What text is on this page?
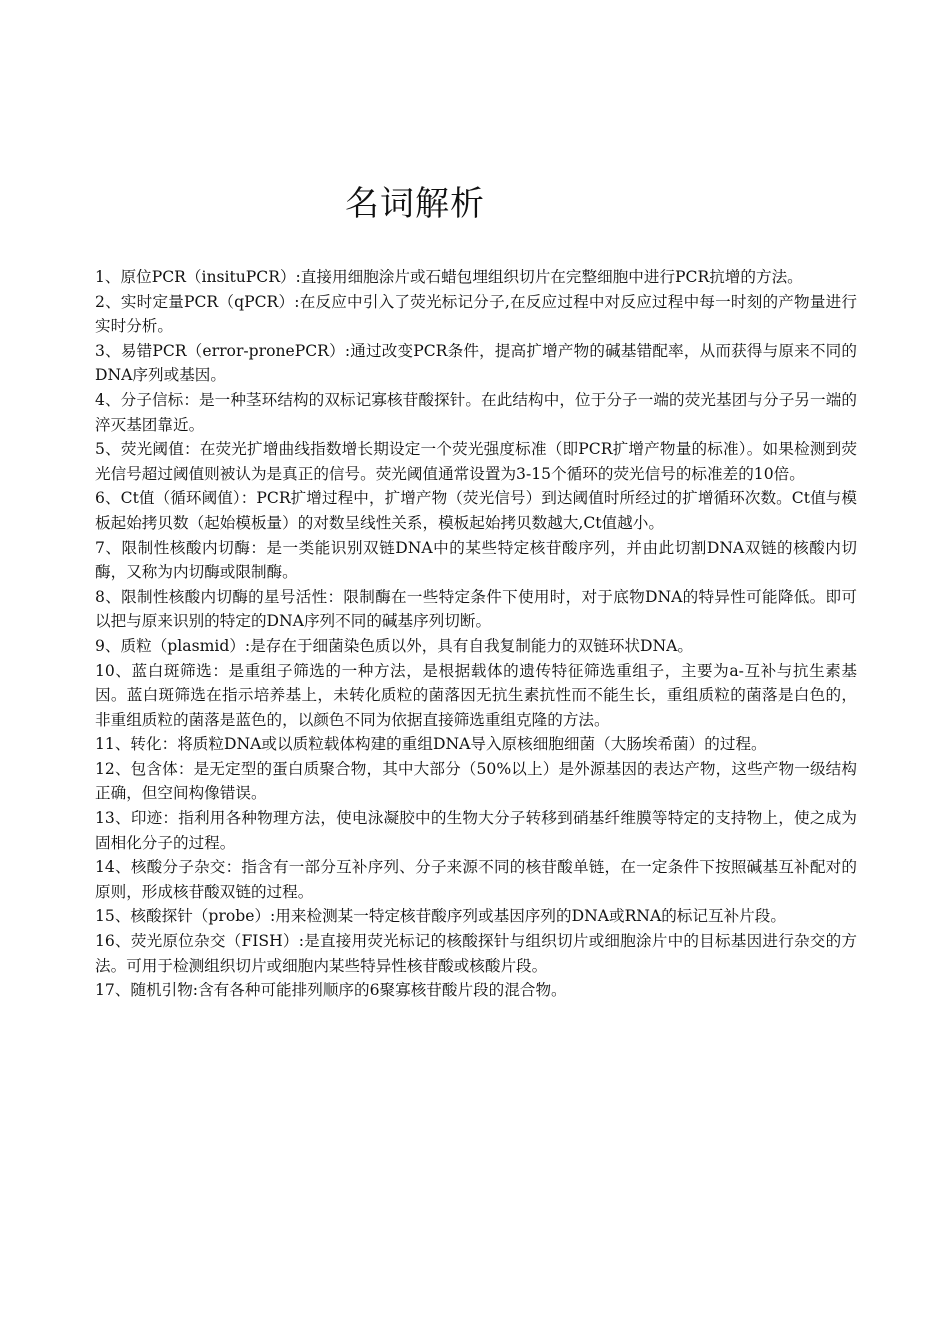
名词解析
1、原位PCR（insituPCR）:直接用细胞涂片或石蜡包埋组织切片在完整细胞中进行PCR抗增的方法。
2、实时定量PCR（qPCR）:在反应中引入了荧光标记分子,在反应过程中对反应过程中每一时刻的产物量进行实时分析。
3、易错PCR（error-pronePCR）:通过改变PCR条件，提高扩增产物的碱基错配率，从而获得与原来不同的DNA序列或基因。
4、分子信标：是一种茎环结构的双标记寡核苷酸探针。在此结构中，位于分子一端的荧光基团与分子另一端的淬灭基团靠近。
5、荧光阈值：在荧光扩增曲线指数增长期设定一个荧光强度标准（即PCR扩增产物量的标准）。如果检测到荧光信号超过阈值则被认为是真正的信号。荧光阈值通常设置为3-15个循环的荧光信号的标准差的10倍。
6、Ct值（循环阈值）：PCR扩增过程中，扩增产物（荧光信号）到达阈值时所经过的扩增循环次数。Ct值与模板起始拷贝数（起始模板量）的对数呈线性关系，模板起始拷贝数越大,Ct值越小。
7、限制性核酸内切酶：是一类能识别双链DNA中的某些特定核苷酸序列，并由此切割DNA双链的核酸内切酶，又称为内切酶或限制酶。
8、限制性核酸内切酶的星号活性：限制酶在一些特定条件下使用时，对于底物DNA的特异性可能降低。即可以把与原来识别的特定的DNA序列不同的碱基序列切断。
9、质粒（plasmid）:是存在于细菌染色质以外，具有自我复制能力的双链环状DNA。
10、蓝白斑筛选：是重组子筛选的一种方法，是根据载体的遗传特征筛选重组子，主要为a-互补与抗生素基因。蓝白斑筛选在指示培养基上，未转化质粒的菌落因无抗生素抗性而不能生长，重组质粒的菌落是白色的，非重组质粒的菌落是蓝色的，以颜色不同为依据直接筛选重组克隆的方法。
11、转化：将质粒DNA或以质粒载体构建的重组DNA导入原核细胞细菌（大肠埃希菌）的过程。
12、包含体：是无定型的蛋白质聚合物，其中大部分（50%以上）是外源基因的表达产物，这些产物一级结构正确，但空间构像错误。
13、印迹：指利用各种物理方法，使电泳凝胶中的生物大分子转移到硝基纤维膜等特定的支持物上，使之成为固相化分子的过程。
14、核酸分子杂交：指含有一部分互补序列、分子来源不同的核苷酸单链，在一定条件下按照碱基互补配对的原则，形成核苷酸双链的过程。
15、核酸探针（probe）:用来检测某一特定核苷酸序列或基因序列的DNA或RNA的标记互补片段。
16、荧光原位杂交（FISH）:是直接用荧光标记的核酸探针与组织切片或细胞涂片中的目标基因进行杂交的方法。可用于检测组织切片或细胞内某些特异性核苷酸或核酸片段。
17、随机引物:含有各种可能排列顺序的6聚寡核苷酸片段的混合物。
